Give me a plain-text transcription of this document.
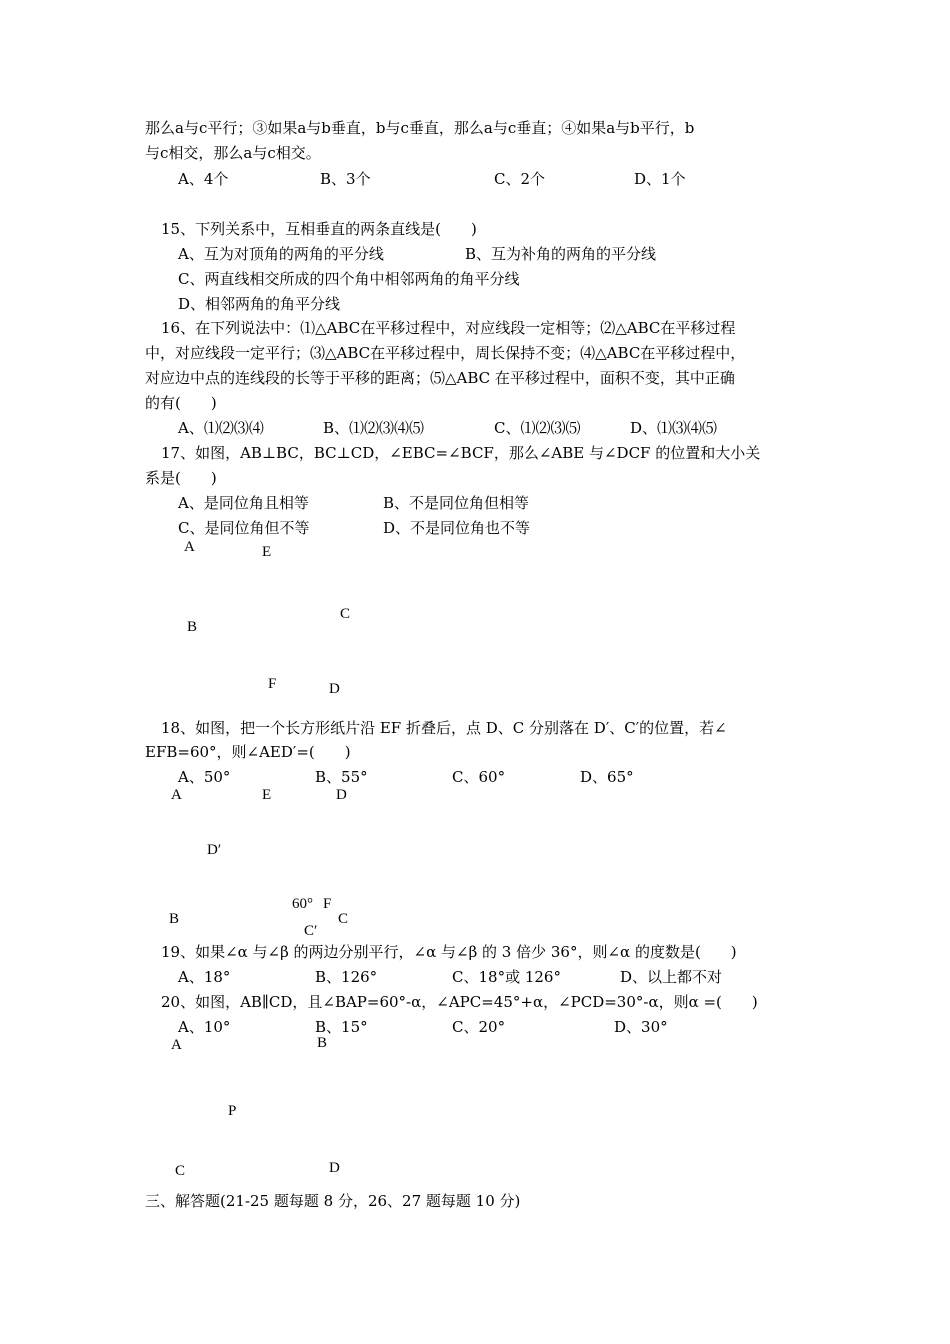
那么a与c平行；③如果a与b垂直，b与c垂直，那么a与c垂直；④如果a与b平行，b
与c相交，那么a与c相交。
A、4个	B、3个	C、2个	D、1个
15、下列关系中，互相垂直的两条直线是(　　)
A、互为对顶角的两角的平分线	B、互为补角的两角的平分线
C、两直线相交所成的四个角中相邻两角的角平分线
D、相邻两角的角平分线
16、在下列说法中：⑴△ABC在平移过程中，对应线段一定相等；⑵△ABC在平移过程
中，对应线段一定平行；⑶△ABC在平移过程中，周长保持不变；⑷△ABC在平移过程中，
对应边中点的连线段的长等于平移的距离；⑸△ABC 在平移过程中，面积不变，其中正确
的有(　　)
A、⑴⑵⑶⑷	B、⑴⑵⑶⑷⑸	C、⑴⑵⑶⑸	D、⑴⑶⑷⑸
17、如图，AB⊥BC，BC⊥CD，∠EBC=∠BCF，那么∠ABE 与∠DCF 的位置和大小关
系是(　　)
A、是同位角且相等	B、不是同位角但相等
C、是同位角但不等	D、不是同位角也不等
A	E
C
B
F	D
18、如图，把一个长方形纸片沿 EF 折叠后，点 D、C 分别落在 D′、C′的位置，若∠
EFB=60°，则∠AED′=(　　)
A、50°	B、55°	C、60°	D、65°
A	E	D
D′
60° F
B	C
C′
19、如果∠α 与∠β 的两边分别平行，∠α 与∠β 的 3 倍少 36°，则∠α 的度数是(　　)
A、18°	B、126°	C、18°或 126°	D、以上都不对
20、如图，AB∥CD，且∠BAP=60°-α，∠APC=45°+α，∠PCD=30°-α，则α =(　　)
A、10°	B、15°	C、20°	D、30°
A	B
P
C	D
三、解答题(21-25 题每题 8 分，26、27 题每题 10 分)
